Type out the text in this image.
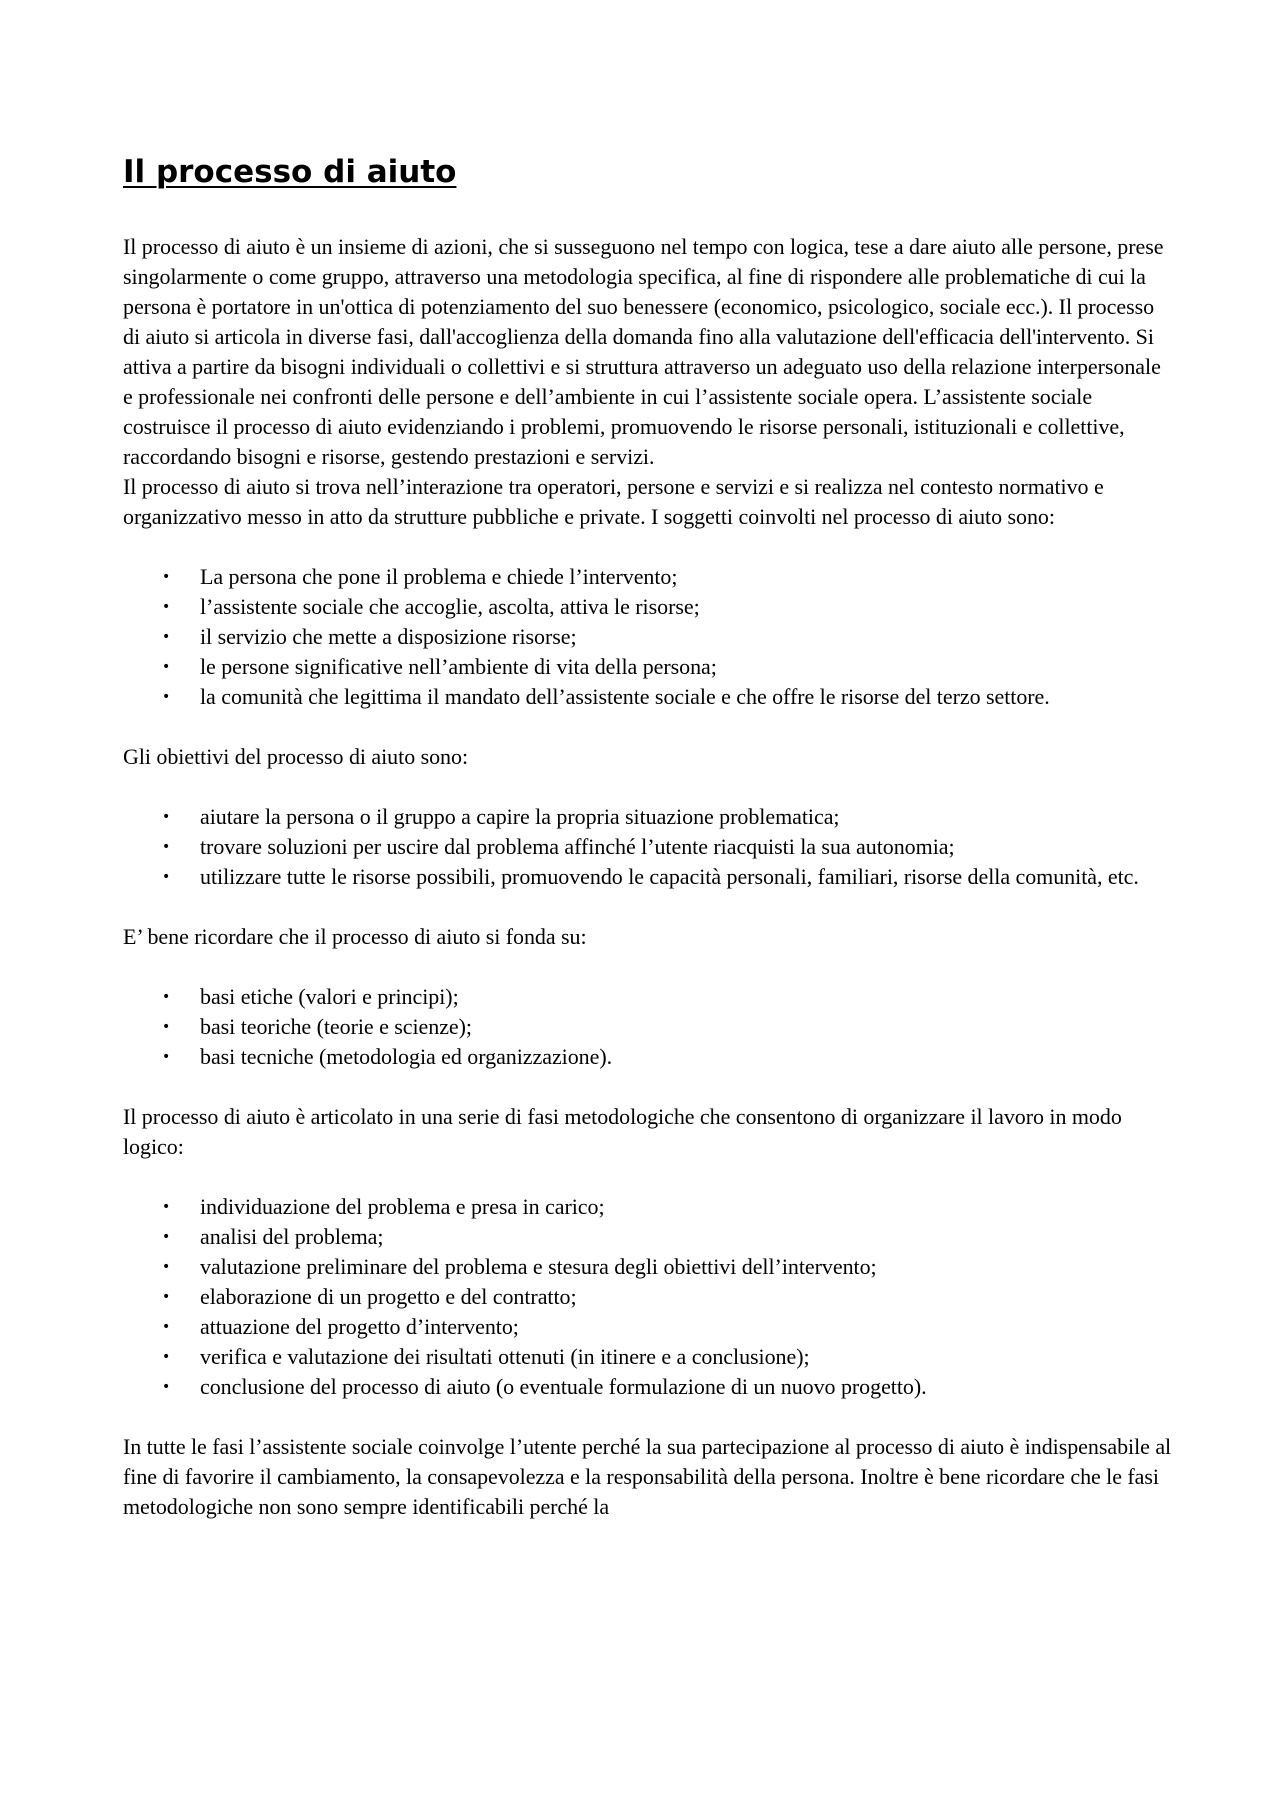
Il processo di aiuto

Il processo di aiuto è un insieme di azioni, che si susseguono nel tempo con logica, tese a dare aiuto alle persone, prese singolarmente o come gruppo, attraverso una metodologia specifica, al fine di rispondere alle problematiche di cui la persona è portatore in un'ottica di potenziamento del suo benessere (economico, psicologico, sociale ecc.). Il processo di aiuto si articola in diverse fasi, dall'accoglienza della domanda fino alla valutazione dell'efficacia dell'intervento. Si attiva a partire da bisogni individuali o collettivi e si struttura attraverso un adeguato uso della relazione interpersonale e professionale nei confronti delle persone e dell’ambiente in cui l’assistente sociale opera. L’assistente sociale costruisce il processo di aiuto evidenziando i problemi, promuovendo le risorse personali, istituzionali e collettive, raccordando bisogni e risorse, gestendo prestazioni e servizi.

Il processo di aiuto si trova nell’interazione tra operatori, persone e servizi e si realizza nel contesto normativo e organizzativo messo in atto da strutture pubbliche e private. I soggetti coinvolti nel processo di aiuto sono:

• La persona che pone il problema e chiede l’intervento;
• l’assistente sociale che accoglie, ascolta, attiva le risorse;
• il servizio che mette a disposizione risorse;
• le persone significative nell’ambiente di vita della persona;
• la comunità che legittima il mandato dell’assistente sociale e che offre le risorse del terzo settore.

Gli obiettivi del processo di aiuto sono:

• aiutare la persona o il gruppo a capire la propria situazione problematica;
• trovare soluzioni per uscire dal problema affinché l’utente riacquisti la sua autonomia;
• utilizzare tutte le risorse possibili, promuovendo le capacità personali, familiari, risorse della comunità, etc.

E’ bene ricordare che il processo di aiuto si fonda su:

• basi etiche (valori e principi);
• basi teoriche (teorie e scienze);
• basi tecniche (metodologia ed organizzazione).

Il processo di aiuto è articolato in una serie di fasi metodologiche che consentono di organizzare il lavoro in modo logico:

• individuazione del problema e presa in carico;
• analisi del problema;
• valutazione preliminare del problema e stesura degli obiettivi dell’intervento;
• elaborazione di un progetto e del contratto;
• attuazione del progetto d’intervento;
• verifica e valutazione dei risultati ottenuti (in itinere e a conclusione);
• conclusione del processo di aiuto (o eventuale formulazione di un nuovo progetto).

In tutte le fasi l’assistente sociale coinvolge l’utente perché la sua partecipazione al processo di aiuto è indispensabile al fine di favorire il cambiamento, la consapevolezza e la responsabilità della persona. Inoltre è bene ricordare che le fasi metodologiche non sono sempre identificabili perché la
